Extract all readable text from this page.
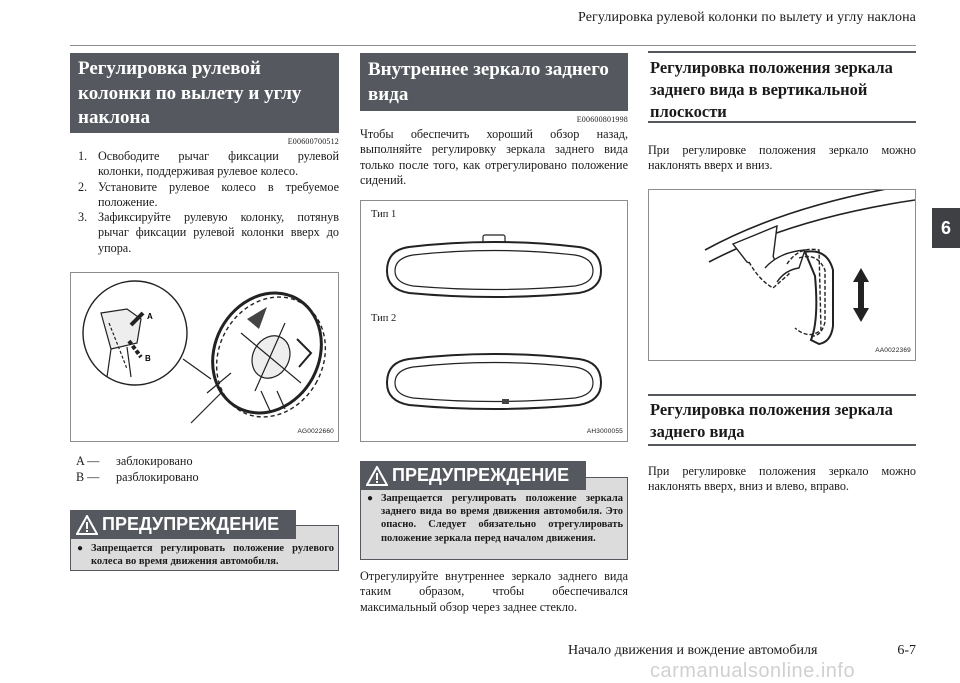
Регулировка рулевой колонки по вылету и углу наклона
6
Регулировка рулевой колонки по вылету и углу наклона
E00600700512
1. Освободите рычаг фиксации рулевой колонки, поддерживая рулевое колесо.
2. Установите рулевое колесо в требуемое положение.
3. Зафиксируйте рулевую колонку, потянув рычаг фиксации рулевой колонки вверх до упора.
A
B
AG0022660
A —	заблокировано
B —	разблокировано
ПРЕДУПРЕЖДЕНИЕ
● Запрещается регулировать положение рулевого колеса во время движения автомобиля.
Внутреннее зеркало заднего вида
E00600801998
Чтобы обеспечить хороший обзор назад, выполняйте регулировку зеркала заднего вида только после того, как отрегулировано положение сидений.
Тип 1
Тип 2
AH3000055
ПРЕДУПРЕЖДЕНИЕ
● Запрещается регулировать положение зеркала заднего вида во время движения автомобиля. Это опасно. Следует обязательно отрегулировать положение зеркала перед началом движения.
Отрегулируйте внутреннее зеркало заднего вида таким образом, чтобы обеспечивался максимальный обзор через заднее стекло.
Регулировка положения зеркала заднего вида в вертикальной плоскости
При регулировке положения зеркало можно наклонять вверх и вниз.
AA0022369
Регулировка положения зеркала заднего вида
При регулировке положения зеркало можно наклонять вверх, вниз и влево, вправо.
Начало движения и вождение автомобиля	6-7
carmanualsonline.info
